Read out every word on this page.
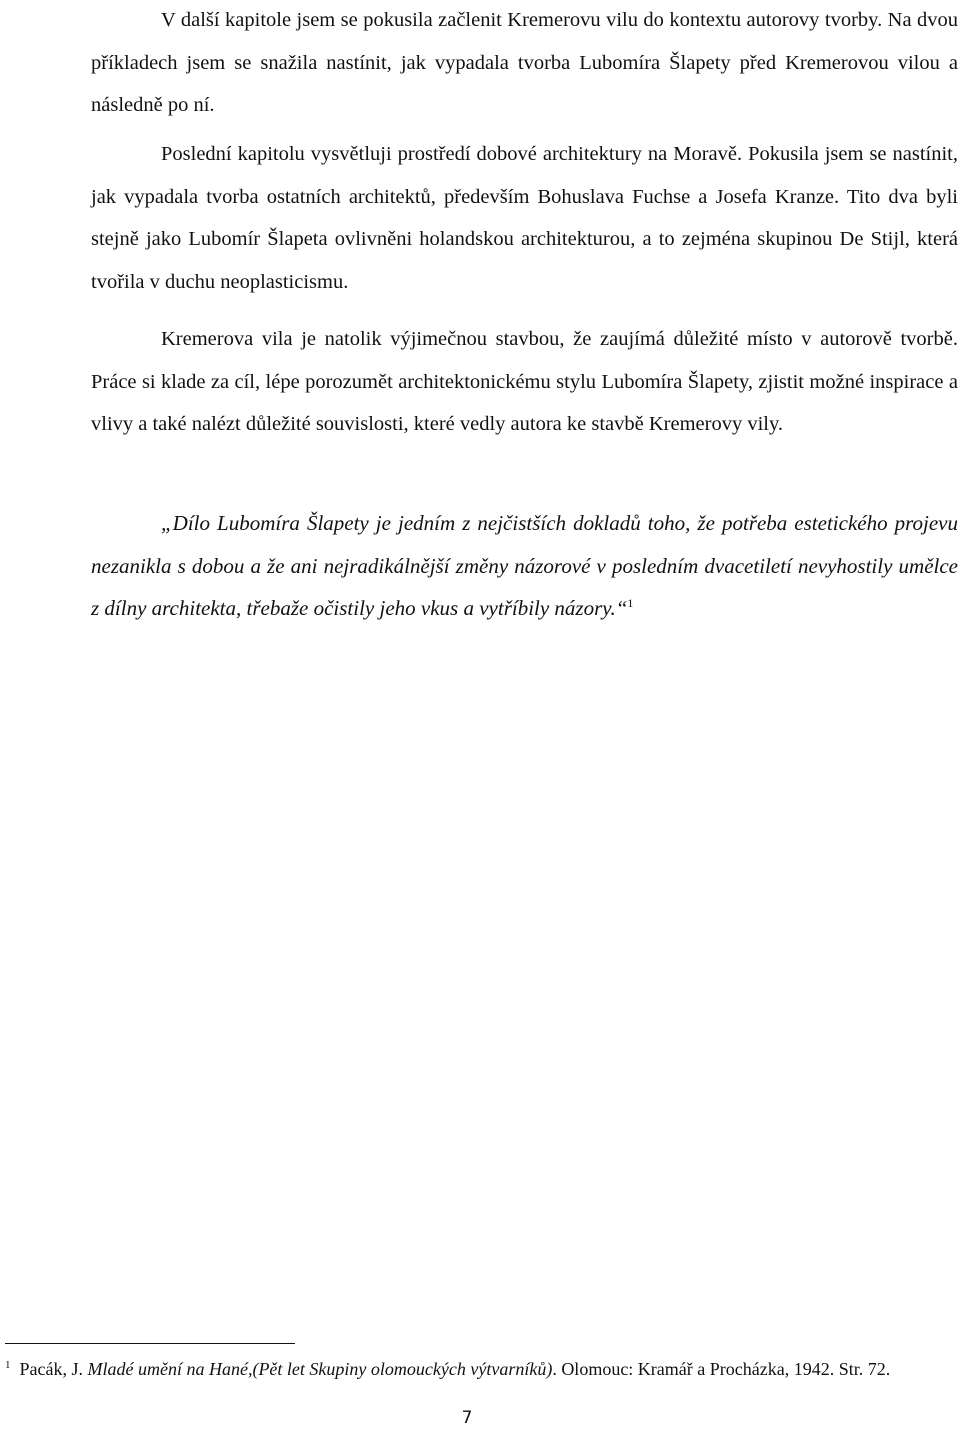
V další kapitole jsem se pokusila začlenit Kremerovu vilu do kontextu autorovy tvorby. Na dvou příkladech jsem se snažila nastínit, jak vypadala tvorba Lubomíra Šlapety před Kremerovou vilou a následně po ní.

Poslední kapitolu vysvětluji prostředí dobové architektury na Moravě. Pokusila jsem se nastínit, jak vypadala tvorba ostatních architektů, především Bohuslava Fuchse a Josefa Kranze. Tito dva byli stejně jako Lubomír Šlapeta ovlivněni holandskou architekturou, a to zejména skupinou De Stijl, která tvořila v duchu neoplasticismu.

Kremerova vila je natolik výjimečnou stavbou, že zaujímá důležité místo v autorově tvorbě. Práce si klade za cíl, lépe porozumět architektonickému stylu Lubomíra Šlapety, zjistit možné inspirace a vlivy a také nalézt důležité souvislosti, které vedly autora ke stavbě Kremerovy vily.

„Dílo Lubomíra Šlapety je jedním z nejčistších dokladů toho, že potřeba estetického projevu nezanikla s dobou a že ani nejradikálnější změny názorové v posledním dvacetiletí nevyhostily umělce z dílny architekta, třebaže očistily jeho vkus a vytříbily názory.“$^1$

$^1$ Pacák, J. Mladé umění na Hané,(Pět let Skupiny olomouckých výtvarníků). Olomouc: Kramář a Procházka, 1942. Str. 72.

7
